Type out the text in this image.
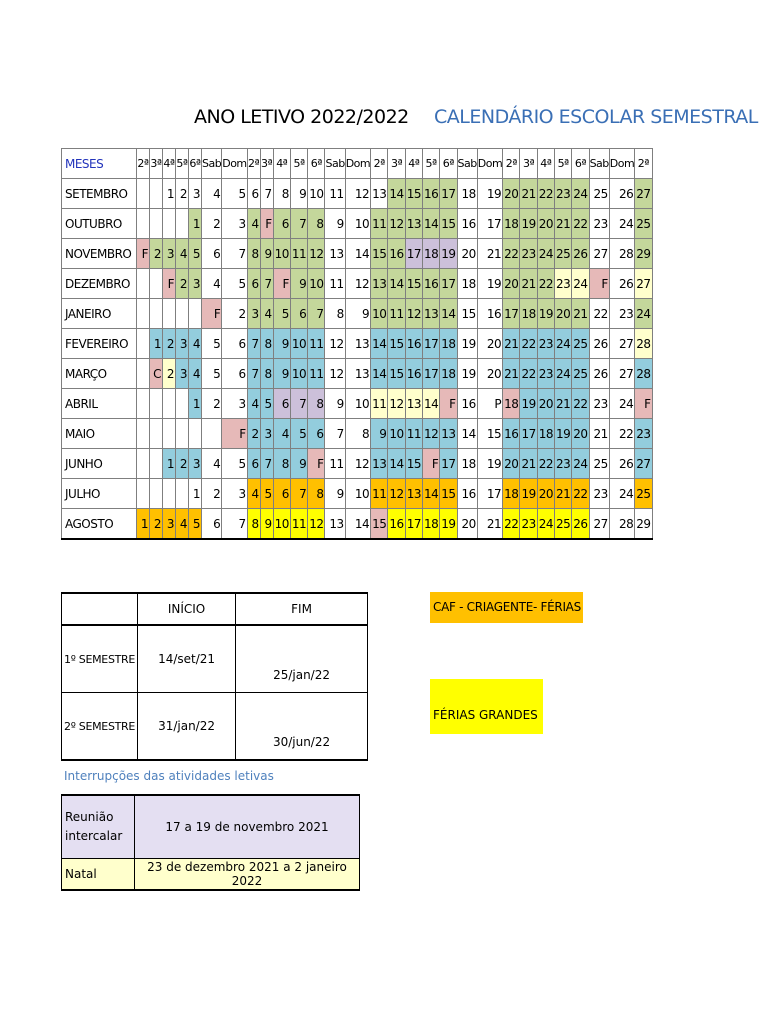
ANO LETIVO 2022/2022 CALENDÁRIO ESCOLAR SEMESTRAL
MESES	2ª	3ª	4ª	5ª	6ª	Sab	Dom	2ª	3ª	4ª	5ª	6ª	Sab	Dom	2ª	3ª	4ª	5ª	6ª	Sab	Dom	2ª	3ª	4ª	5ª	6ª	Sab	Dom	2ª
SETEMBRO			1	2	3	4	5	6	7	8	9	10	11	12	13	14	15	16	17	18	19	20	21	22	23	24	25	26	27
OUTUBRO					1	2	3	4	F	6	7	8	9	10	11	12	13	14	15	16	17	18	19	20	21	22	23	24	25
NOVEMBRO	F	2	3	4	5	6	7	8	9	10	11	12	13	14	15	16	17	18	19	20	21	22	23	24	25	26	27	28	29
DEZEMBRO			F	2	3	4	5	6	7	F	9	10	11	12	13	14	15	16	17	18	19	20	21	22	23	24	F	26	27
JANEIRO						F	2	3	4	5	6	7	8	9	10	11	12	13	14	15	16	17	18	19	20	21	22	23	24
FEVEREIRO		1	2	3	4	5	6	7	8	9	10	11	12	13	14	15	16	17	18	19	20	21	22	23	24	25	26	27	28
MARÇO		C	2	3	4	5	6	7	8	9	10	11	12	13	14	15	16	17	18	19	20	21	22	23	24	25	26	27	28
ABRIL					1	2	3	4	5	6	7	8	9	10	11	12	13	14	F	16	P	18	19	20	21	22	23	24	F
MAIO							F	2	3	4	5	6	7	8	9	10	11	12	13	14	15	16	17	18	19	20	21	22	23
JUNHO			1	2	3	4	5	6	7	8	9	F	11	12	13	14	15	F	17	18	19	20	21	22	23	24	25	26	27
JULHO					1	2	3	4	5	6	7	8	9	10	11	12	13	14	15	16	17	18	19	20	21	22	23	24	25
AGOSTO	1	2	3	4	5	6	7	8	9	10	11	12	13	14	15	16	17	18	19	20	21	22	23	24	25	26	27	28	29
	INÍCIO	FIM
1º SEMESTRE	14/set/21	25/jan/22
2º SEMESTRE	31/jan/22	30/jun/22
CAF - CRIAGENTE- FÉRIAS
FÉRIAS GRANDES
Interrupções das atividades letivas
Reunião intercalar	17 a 19 de novembro 2021
Natal	23 de dezembro 2021 a 2 janeiro 2022
